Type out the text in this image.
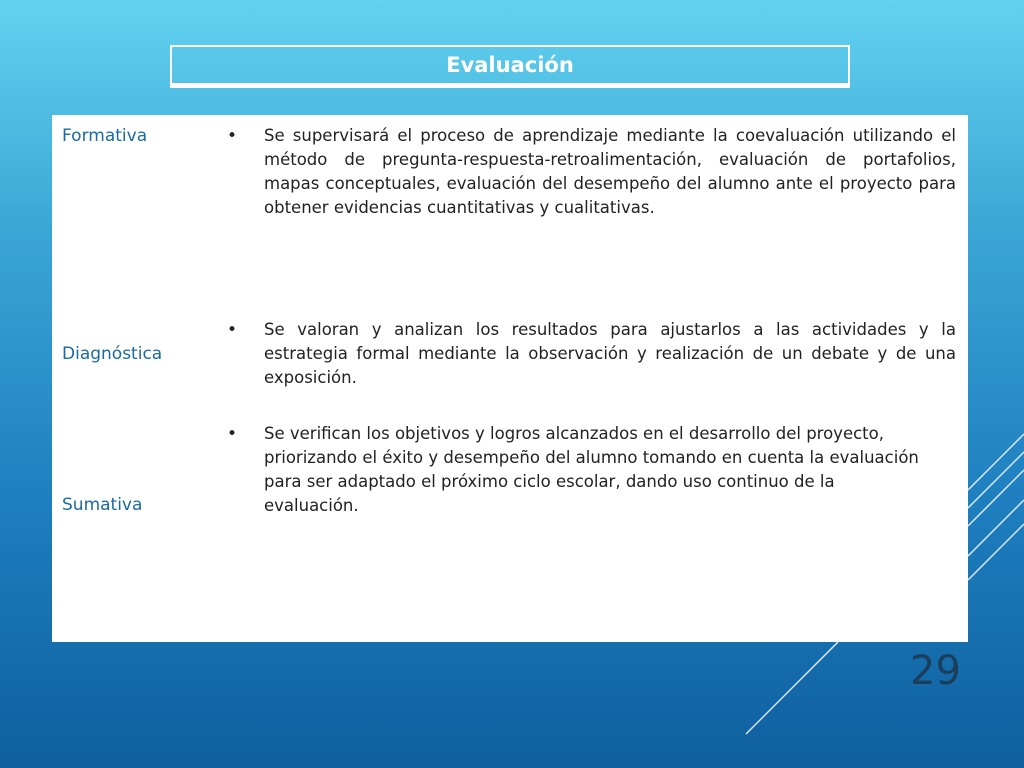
Evaluación
Formativa	• Se supervisará el proceso de aprendizaje mediante la coevaluación utilizando el método de pregunta-respuesta-retroalimentación, evaluación de portafolios, mapas conceptuales, evaluación del desempeño del alumno ante el proyecto para obtener evidencias cuantitativas y cualitativas.
Diagnóstica
• Se valoran y analizan los resultados para ajustarlos a las actividades y la estrategia formal mediante la observación y realización de un debate y de una exposición.
Sumativa
• Se verifican los objetivos y logros alcanzados en el desarrollo del proyecto, priorizando el éxito y desempeño del alumno tomando en cuenta la evaluación para ser adaptado el próximo ciclo escolar, dando uso continuo de la evaluación.
29
